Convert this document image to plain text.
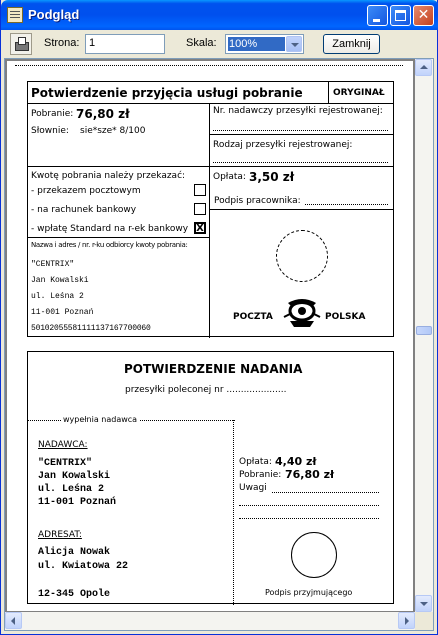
Podgląd	✕
Strona: 1	Skala: 100%	Zamknij
Potwierdzenie przyjęcia usługi pobranie	ORYGINAŁ
Pobranie: 76,80 zł
Słownie: sie*sze* 8/100
Nr. nadawczy przesyłki rejestrowanej:
Rodzaj przesyłki rejestrowanej:
Kwotę pobrania należy przekazać:
- przekazem pocztowym
- na rachunek bankowy
- wpłatę Standard na r-ek bankowy X
Opłata: 3,50 zł
Podpis pracownika:
Nazwa i adres / nr. r-ku odbiorcy kwoty pobrania:
"CENTRIX"
Jan Kowalski
ul. Leśna 2
11-001 Poznań
50102055581111137167700060
POCZTA	POLSKA
POTWIERDZENIE NADANIA
przesyłki poleconej nr .....................
wypełnia nadawca
NADAWCA:
"CENTRIX"
Jan Kowalski
ul. Leśna 2
11-001 Poznań
ADRESAT:
Alicja Nowak
ul. Kwiatowa 22
12-345 Opole
Opłata: 4,40 zł
Pobranie: 76,80 zł
Uwagi
Podpis przyjmującego
